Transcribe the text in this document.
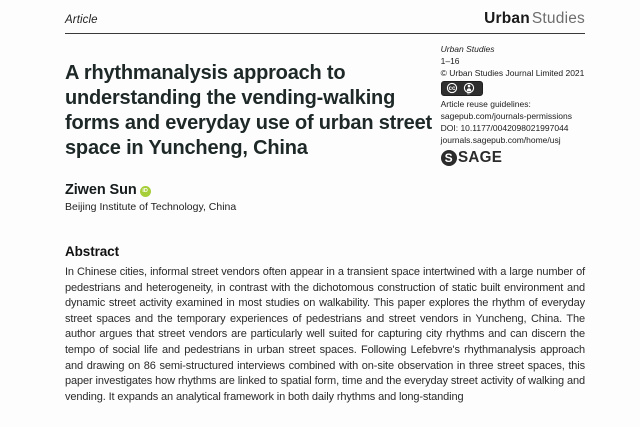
Article	Urban Studies
A rhythmanalysis approach to understanding the vending-walking forms and everyday use of urban street space in Yuncheng, China
Ziwen Sun	iD
Beijing Institute of Technology, China
Urban Studies
1–16
© Urban Studies Journal Limited 2021
cc
BY
Article reuse guidelines:
sagepub.com/journals-permissions
DOI: 10.1177/0042098021997044
journals.sagepub.com/home/usj
S SAGE
Abstract

In Chinese cities, informal street vendors often appear in a transient space intertwined with a large number of pedestrians and heterogeneity, in contrast with the dichotomous construction of static built environment and dynamic street activity examined in most studies on walkability. This paper explores the rhythm of everyday street spaces and the temporary experiences of pedestrians and street vendors in Yuncheng, China. The author argues that street vendors are particularly well suited for capturing city rhythms and can discern the tempo of social life and pedestrians in urban street spaces. Following Lefebvre's rhythmanalysis approach and drawing on 86 semi-structured interviews combined with on-site observation in three street spaces, this paper investigates how rhythms are linked to spatial form, time and the everyday street activity of walking and vending. It expands an analytical framework in both daily rhythms and long-standing
